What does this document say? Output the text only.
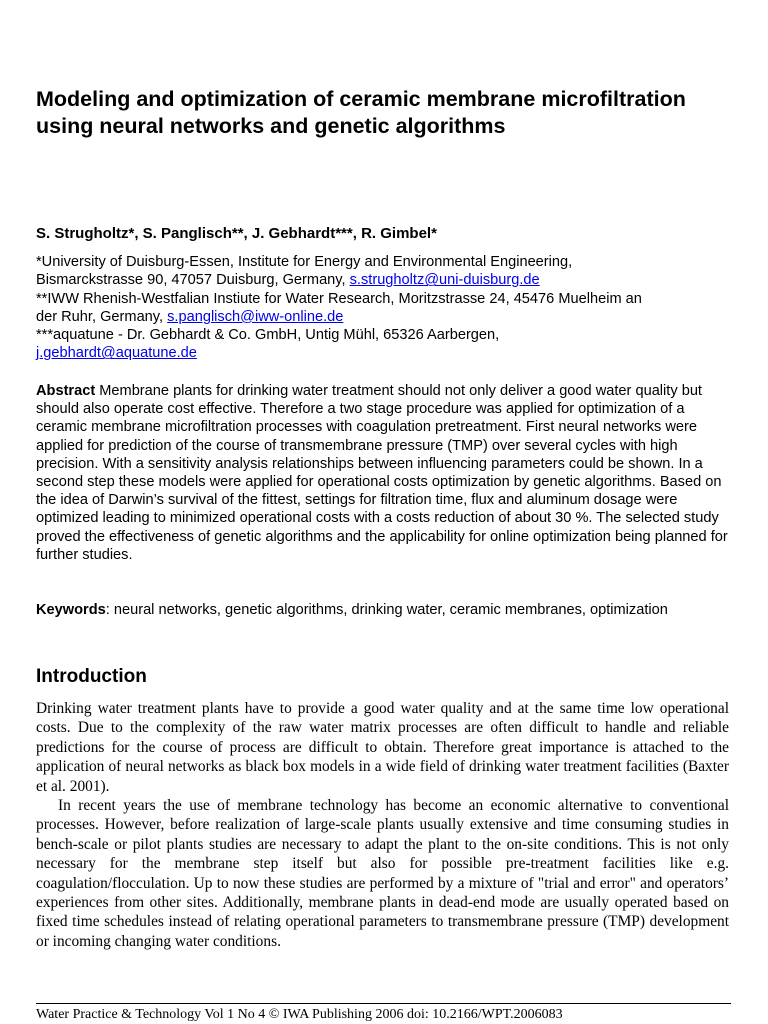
Modeling and optimization of ceramic membrane microfiltration using neural networks and genetic algorithms
S. Strugholtz*, S. Panglisch**, J. Gebhardt***, R. Gimbel*
*University of Duisburg-Essen, Institute for Energy and Environmental Engineering,
Bismarckstrasse 90, 47057 Duisburg, Germany, s.strugholtz@uni-duisburg.de
**IWW Rhenish-Westfalian Instiute for Water Research, Moritzstrasse 24, 45476 Muelheim an
der Ruhr, Germany, s.panglisch@iww-online.de
***aquatune - Dr. Gebhardt & Co. GmbH, Untig Mühl, 65326 Aarbergen,
j.gebhardt@aquatune.de
Abstract Membrane plants for drinking water treatment should not only deliver a good water quality but should also operate cost effective. Therefore a two stage procedure was applied for optimization of a ceramic membrane microfiltration processes with coagulation pretreatment. First neural networks were applied for prediction of the course of transmembrane pressure (TMP) over several cycles with high precision. With a sensitivity analysis relationships between influencing parameters could be shown. In a second step these models were applied for operational costs optimization by genetic algorithms. Based on the idea of Darwin’s survival of the fittest, settings for filtration time, flux and aluminum dosage were optimized leading to minimized operational costs with a costs reduction of about 30 %. The selected study proved the effectiveness of genetic algorithms and the applicability for online optimization being planned for further studies.
Keywords: neural networks, genetic algorithms, drinking water, ceramic membranes, optimization
Introduction

Drinking water treatment plants have to provide a good water quality and at the same time low operational costs. Due to the complexity of the raw water matrix processes are often difficult to handle and reliable predictions for the course of process are difficult to obtain. Therefore great importance is attached to the application of neural networks as black box models in a wide field of drinking water treatment facilities (Baxter et al. 2001).

In recent years the use of membrane technology has become an economic alternative to conventional processes. However, before realization of large-scale plants usually extensive and time consuming studies in bench-scale or pilot plants studies are necessary to adapt the plant to the on-site conditions. This is not only necessary for the membrane step itself but also for possible pre-treatment facilities like e.g. coagulation/flocculation. Up to now these studies are performed by a mixture of "trial and error" and operators’ experiences from other sites. Additionally, membrane plants in dead-end mode are usually operated based on fixed time schedules instead of relating operational parameters to transmembrane pressure (TMP) development or incoming changing water conditions.

Water Practice & Technology Vol 1 No 4 © IWA Publishing 2006 doi: 10.2166/WPT.2006083
